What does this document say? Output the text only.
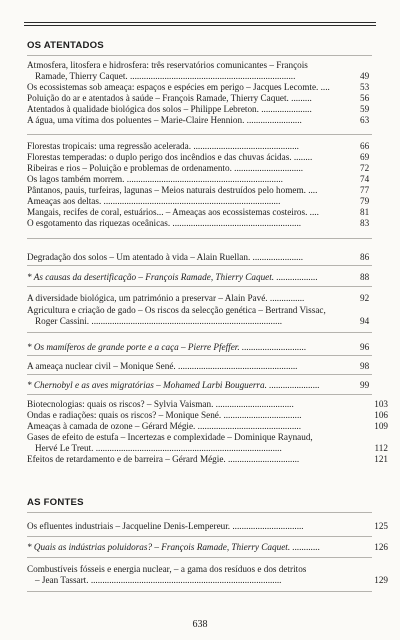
OS ATENTADOS
Atmosfera, litosfera e hidrosfera: três reservatórios comunicantes – François
Ramade, Thierry Caquet. ........................................................................	49
Os ecossistemas sob ameaça: espaços e espécies em perigo – Jacques Lecomte. ....	53
Poluição do ar e atentados à saúde – François Ramade, Thierry Caquet. .........	56
Atentados à qualidade biológica dos solos – Philippe Lebreton. ......................	59
A água, uma vítima dos poluentes – Marie-Claire Hennion. ........................	63
Florestas tropicais: uma regressão acelerada. ..............................................	66
Florestas temperadas: o duplo perigo dos incêndios e das chuvas ácidas. ........	69
Ribeiras e rios – Poluição e problemas de ordenamento. ..............................	72
Os lagos também morrem. ....................................................................	74
Pântanos, pauis, turfeiras, lagunas – Meios naturais destruídos pelo homem. ....	77
Ameaças aos deltas. .............................................................................	79
Mangais, recifes de coral, estuários... – Ameaças aos ecossistemas costeiros. ....	81
O esgotamento das riquezas oceânicas. ........................................................	83
Degradação dos solos – Um atentado à vida – Alain Ruellan. ......................	86
* As causas da desertificação – François Ramade, Thierry Caquet. ..................	88
A diversidade biológica, um património a preservar – Alain Pavé. ...............	92
Agricultura e criação de gado – Os riscos da selecção genética – Bertrand Vissac,
Roger Cassini. ...................................................................................	94
* Os mamíferos de grande porte e a caça – Pierre Pfeffer. ............................	96
A ameaça nuclear civil – Monique Sené. ....................................................	98
* Chernobyl e as aves migratórias – Mohamed Larbi Bouguerra. ......................	99
Biotecnologias: quais os riscos? – Sylvia Vaisman. ..................................	103
Ondas e radiações: quais os riscos? – Monique Sené. ..................................	106
Ameaças à camada de ozone – Gérard Mégie. .............................................	109
Gases de efeito de estufa – Incertezas e complexidade – Dominique Raynaud,
Hervé Le Treut. .................................................................................	112
Efeitos de retardamento e de barreira – Gérard Mégie. ...............................	121
AS FONTES
Os efluentes industriais – Jacqueline Denis-Lempereur. ...............................	125
* Quais as indústrias poluidoras? – François Ramade, Thierry Caquet. ............	126
Combustíveis fósseis e energia nuclear, – a gama dos resíduos e dos detritos
– Jean Tassart. ...................................................................................	129
638
